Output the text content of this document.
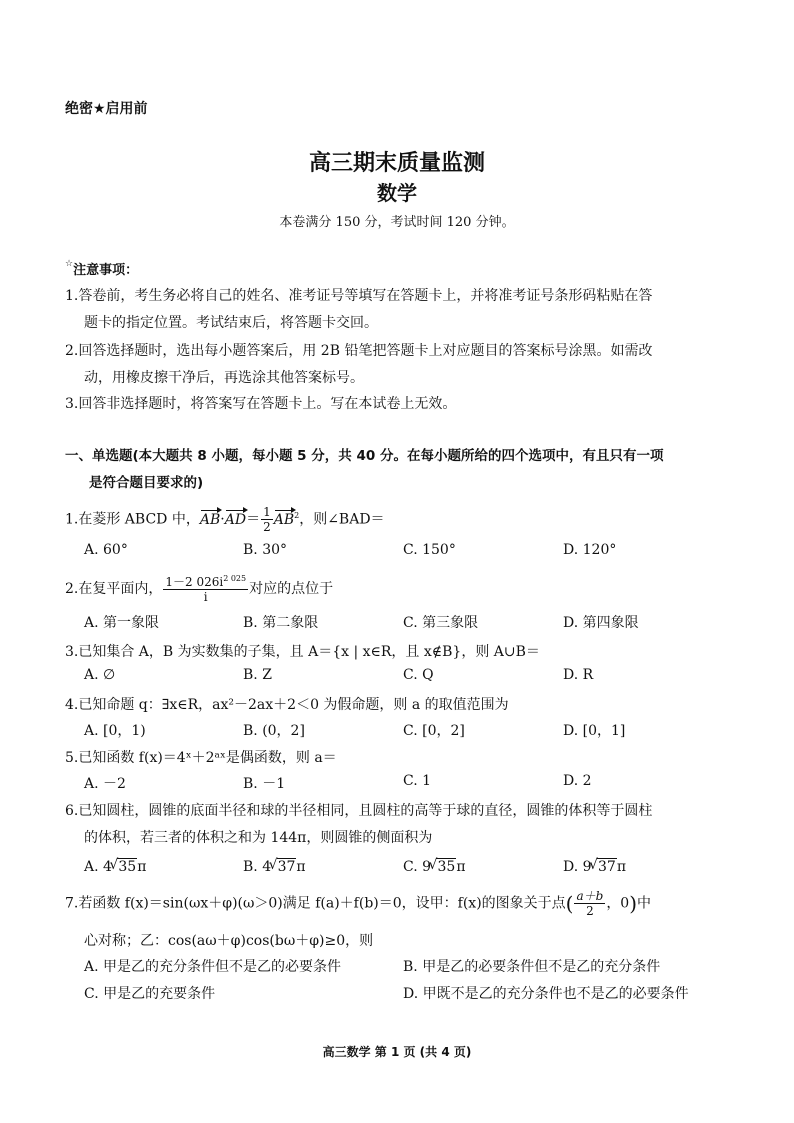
绝密★启用前
高三期末质量监测
数学
本卷满分 150 分，考试时间 120 分钟。
☆注意事项：
1.答卷前，考生务必将自己的姓名、准考证号等填写在答题卡上，并将准考证号条形码粘贴在答
题卡的指定位置。考试结束后，将答题卡交回。
2.回答选择题时，选出每小题答案后，用 2B 铅笔把答题卡上对应题目的答案标号涂黑。如需改
动，用橡皮擦干净后，再选涂其他答案标号。
3.回答非选择题时，将答案写在答题卡上。写在本试卷上无效。
一、单选题(本大题共 8 小题，每小题 5 分，共 40 分。在每小题所给的四个选项中，有且只有一项
是符合题目要求的)
1.在菱形 ABCD 中，$AB\cdot AD= \frac{1}{2} AB^2$，则∠BAD＝
A. 60°	B. 30°	C. 150°	D. 120°
2.在复平面内， $\frac{1-2 026i^{2 025}}{i}$ 对应的点位于
A. 第一象限	B. 第二象限	C. 第三象限	D. 第四象限
3.已知集合 A，B 为实数集的子集，且 A＝{x | x∈R，且 x∉B}，则 A∪B＝
A. ∅	B. Z	C. Q	D. R
4.已知命题 q：∃x∈R，ax²－2ax＋2＜0 为假命题，则 a 的取值范围为
A. [0，1)	B. (0，2]	C. [0，2]	D. [0，1]
5.已知函数 f(x)＝4ˣ＋2ᵃˣ是偶函数，则 a＝
A. －2	B. －1	C. 1	D. 2
6.已知圆柱，圆锥的底面半径和球的半径相同，且圆柱的高等于球的直径，圆锥的体积等于圆柱
的体积，若三者的体积之和为 144π，则圆锥的侧面积为
A. 4 √ 35π	B. 4 √ 37π	C. 9 √ 35π	D. 9 √ 37π
7.若函数 f(x)＝sin(ωx＋φ)(ω＞0)满足 f(a)＋f(b)＝0，设甲：f(x)的图象关于点( $\frac{a+b}{2}$ ，0)中
心对称；乙：cos(aω＋φ)cos(bω＋φ)≥0，则
A. 甲是乙的充分条件但不是乙的必要条件	B. 甲是乙的必要条件但不是乙的充分条件
C. 甲是乙的充要条件	D. 甲既不是乙的充分条件也不是乙的必要条件
高三数学 第 1 页 (共 4 页)
